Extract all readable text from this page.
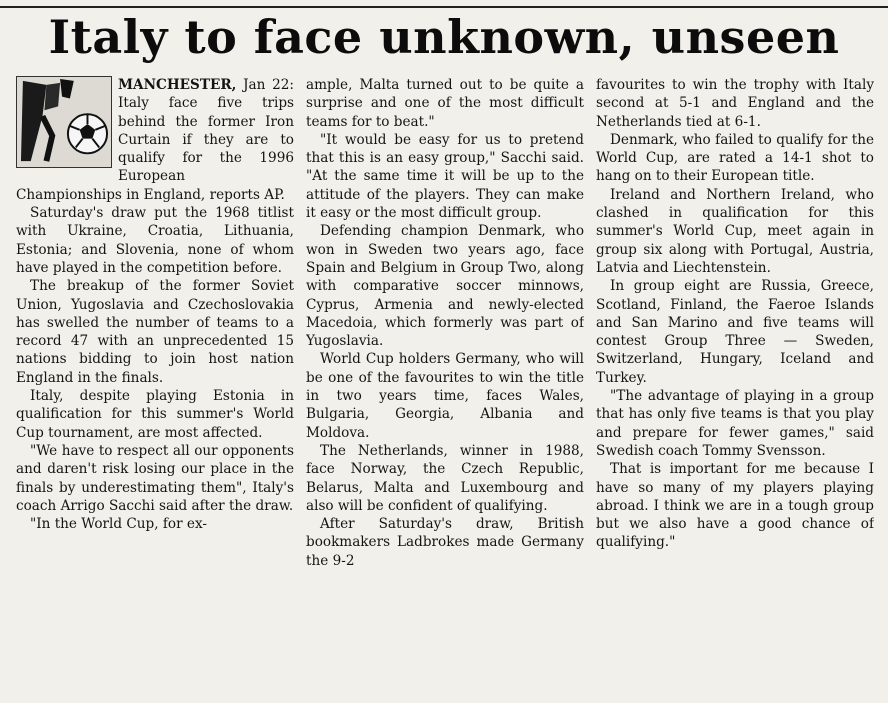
Italy to face unknown, unseen

MANCHESTER, Jan 22: Italy face five trips behind the former Iron Curtain if they are to qualify for the 1996 European Championships in England, reports AP.

Saturday's draw put the 1968 titlist with Ukraine, Croatia, Lithuania, Estonia; and Slovenia, none of whom have played in the competition before.

The breakup of the former Soviet Union, Yugoslavia and Czechoslovakia has swelled the number of teams to a record 47 with an unprecedented 15 nations bidding to join host nation England in the finals.

Italy, despite playing Estonia in qualification for this summer's World Cup tournament, are most affected.

"We have to respect all our opponents and daren't risk losing our place in the finals by underestimating them", Italy's coach Arrigo Sacchi said after the draw.

"In the World Cup, for ex-

ample, Malta turned out to be quite a surprise and one of the most difficult teams for to beat."

"It would be easy for us to pretend that this is an easy group," Sacchi said. "At the same time it will be up to the attitude of the players. They can make it easy or the most difficult group.

Defending champion Denmark, who won in Sweden two years ago, face Spain and Belgium in Group Two, along with comparative soccer minnows, Cyprus, Armenia and newly-elected Macedoia, which formerly was part of Yugoslavia.

World Cup holders Germany, who will be one of the favourites to win the title in two years time, faces Wales, Bulgaria, Georgia, Albania and Moldova.

The Netherlands, winner in 1988, face Norway, the Czech Republic, Belarus, Malta and Luxembourg and also will be confident of qualifying.

After Saturday's draw, British bookmakers Ladbrokes made Germany the 9-2

favourites to win the trophy with Italy second at 5-1 and England and the Netherlands tied at 6-1.

Denmark, who failed to qualify for the World Cup, are rated a 14-1 shot to hang on to their European title.

Ireland and Northern Ireland, who clashed in qualification for this summer's World Cup, meet again in group six along with Portugal, Austria, Latvia and Liechtenstein.

In group eight are Russia, Greece, Scotland, Finland, the Faeroe Islands and San Marino and five teams will contest Group Three — Sweden, Switzerland, Hungary, Iceland and Turkey.

"The advantage of playing in a group that has only five teams is that you play and prepare for fewer games," said Swedish coach Tommy Svensson.

That is important for me because I have so many of my players playing abroad. I think we are in a tough group but we also have a good chance of qualifying."
